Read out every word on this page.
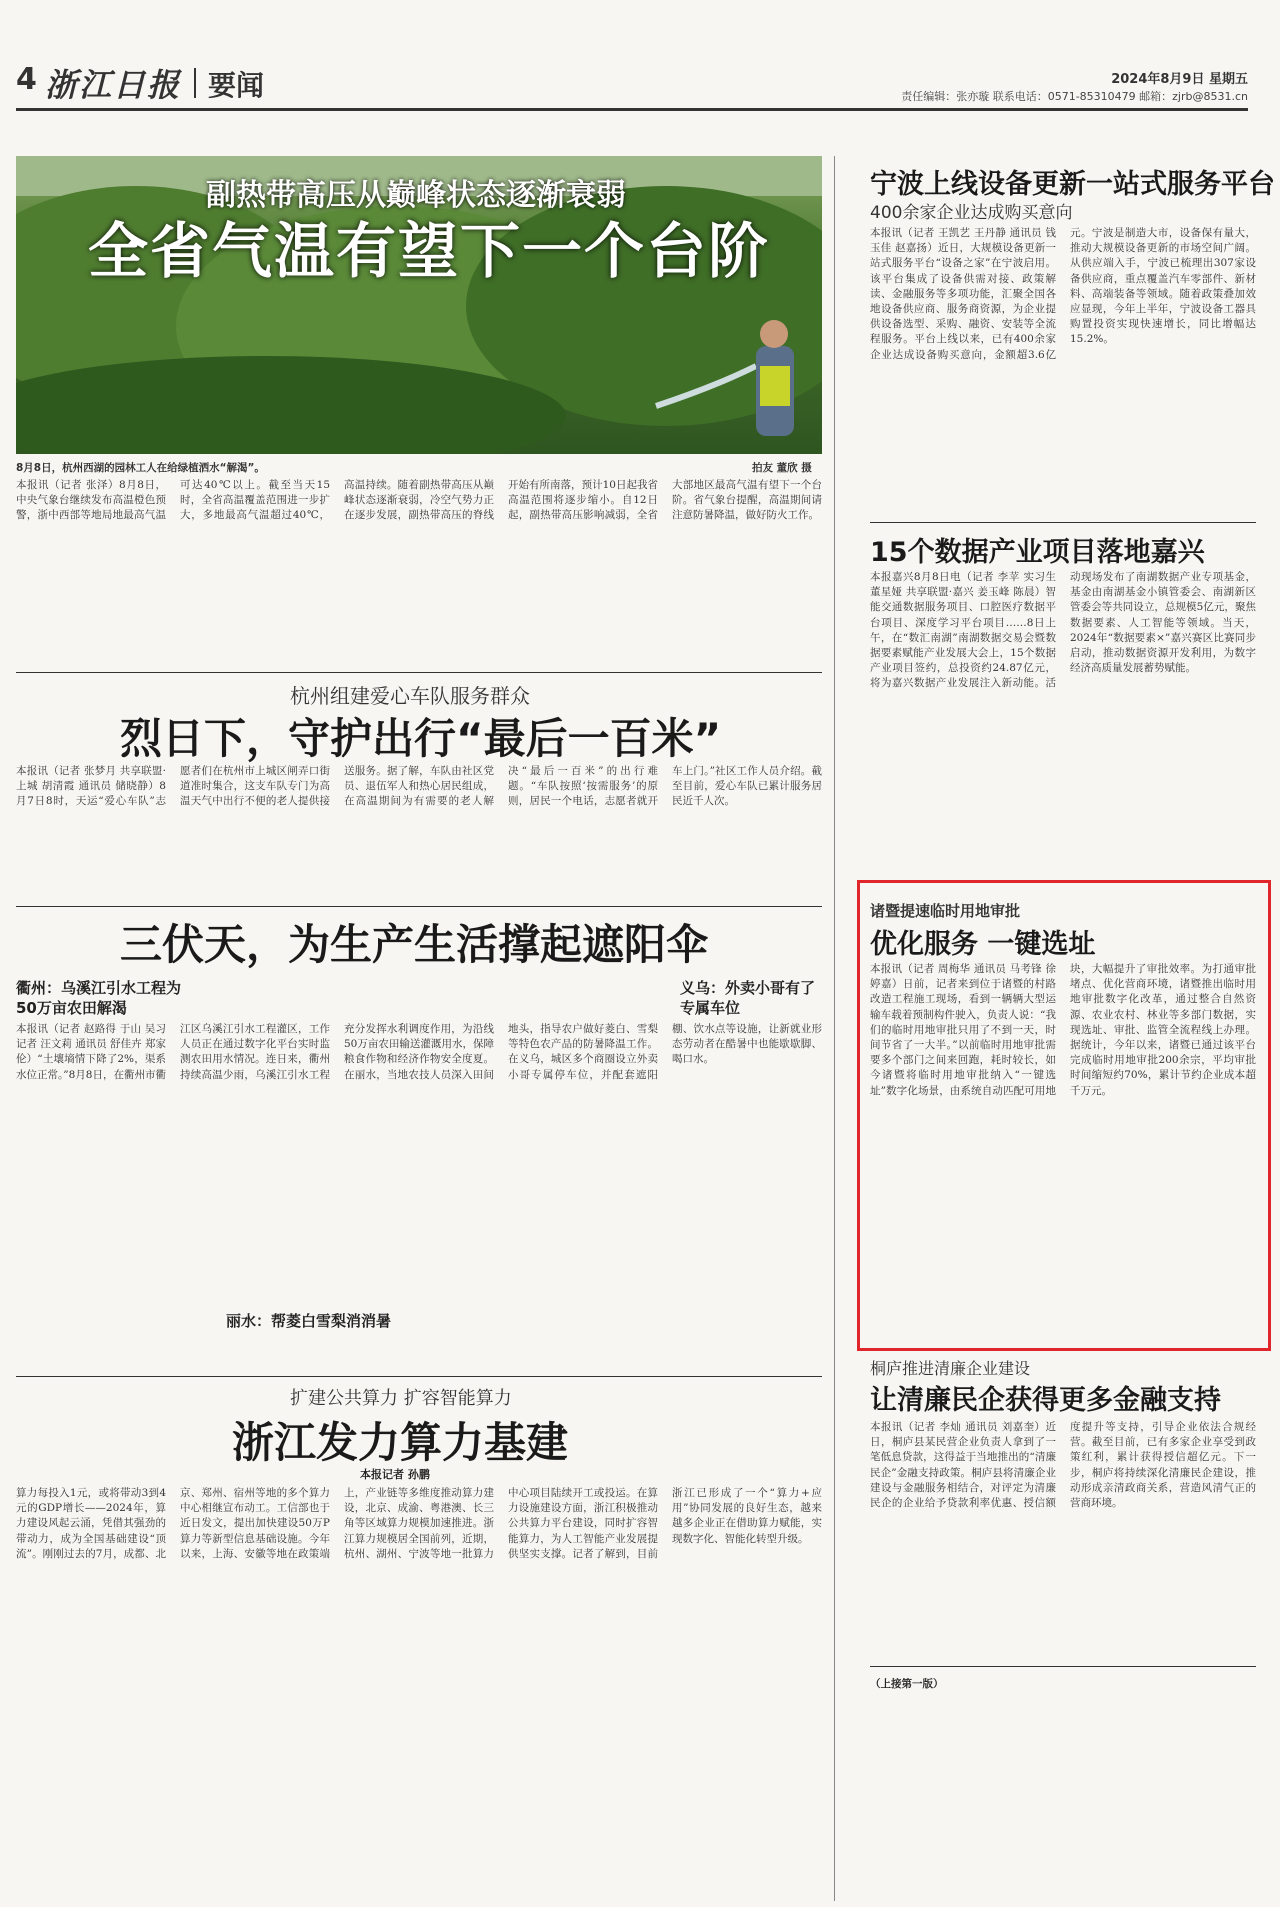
4 浙江日报 要闻	2024年8月9日 星期五
责任编辑：张亦璇 联系电话：0571-85310479 邮箱：zjrb@8531.cn
副热带高压从巅峰状态逐渐衰弱
全省气温有望下一个台阶
8月8日，杭州西湖的园林工人在给绿植洒水“解渴”。	拍友 董欣 摄
本报讯（记者 张泽）8月8日，中央气象台继续发布高温橙色预警，浙中西部等地局地最高气温可达40℃以上。截至当天15时，全省高温覆盖范围进一步扩大，多地最高气温超过40℃，高温持续。随着副热带高压从巅峰状态逐渐衰弱，冷空气势力正在逐步发展，副热带高压的脊线开始有所南落，预计10日起我省高温范围将逐步缩小。自12日起，副热带高压影响减弱，全省大部地区最高气温有望下一个台阶。省气象台提醒，高温期间请注意防暑降温，做好防火工作。
杭州组建爱心车队服务群众
烈日下，守护出行“最后一百米”
本报讯（记者 张梦月 共享联盟·上城 胡清霞 通讯员 储晓静）8月7日8时，天运“爱心车队”志愿者们在杭州市上城区闸弄口街道准时集合，这支车队专门为高温天气中出行不便的老人提供接送服务。据了解，车队由社区党员、退伍军人和热心居民组成，在高温期间为有需要的老人解决“最后一百米”的出行难题。“车队按照‘按需服务’的原则，居民一个电话，志愿者就开车上门。”社区工作人员介绍。截至目前，爱心车队已累计服务居民近千人次。
三伏天，为生产生活撑起遮阳伞
衢州：乌溪江引水工程为50万亩农田解渴
义乌：外卖小哥有了专属车位
本报讯（记者 赵路得 于山 吴习 记者 汪文莉 通讯员 舒佳卉 郑家伦）“土壤墒情下降了2%，渠系水位正常。”8月8日，在衢州市衢江区乌溪江引水工程灌区，工作人员正在通过数字化平台实时监测农田用水情况。连日来，衢州持续高温少雨，乌溪江引水工程充分发挥水利调度作用，为沿线50万亩农田输送灌溉用水，保障粮食作物和经济作物安全度夏。在丽水，当地农技人员深入田间地头，指导农户做好菱白、雪梨等特色农产品的防暑降温工作。在义乌，城区多个商圈设立外卖小哥专属停车位，并配套遮阳棚、饮水点等设施，让新就业形态劳动者在酷暑中也能歇歇脚、喝口水。
丽水：帮菱白雪梨消消暑
扩建公共算力 扩容智能算力
浙江发力算力基建
本报记者 孙鹏
算力每投入1元，或将带动3到4元的GDP增长——2024年，算力建设风起云涌，凭借其强劲的带动力，成为全国基础建设“顶流”。刚刚过去的7月，成都、北京、郑州、宿州等地的多个算力中心相继宣布动工。工信部也于近日发文，提出加快建设50万P算力等新型信息基础设施。今年以来，上海、安徽等地在政策端上，产业链等多维度推动算力建设，北京、成渝、粤港澳、长三角等区域算力规模加速推进。浙江算力规模居全国前列，近期，杭州、湖州、宁波等地一批算力中心项目陆续开工或投运。在算力设施建设方面，浙江积极推动公共算力平台建设，同时扩容智能算力，为人工智能产业发展提供坚实支撑。记者了解到，目前浙江已形成了一个“算力+应用”协同发展的良好生态，越来越多企业正在借助算力赋能，实现数字化、智能化转型升级。
宁波上线设备更新一站式服务平台
400余家企业达成购买意向
本报讯（记者 王凯艺 王丹静 通讯员 钱玉佳 赵嘉扬）近日，大规模设备更新一站式服务平台“设备之家”在宁波启用。该平台集成了设备供需对接、政策解读、金融服务等多项功能，汇聚全国各地设备供应商、服务商资源，为企业提供设备选型、采购、融资、安装等全流程服务。平台上线以来，已有400余家企业达成设备购买意向，金额超3.6亿元。宁波是制造大市，设备保有量大，推动大规模设备更新的市场空间广阔。从供应端入手，宁波已梳理出307家设备供应商，重点覆盖汽车零部件、新材料、高端装备等领域。随着政策叠加效应显现，今年上半年，宁波设备工器具购置投资实现快速增长，同比增幅达15.2%。
15个数据产业项目落地嘉兴
本报嘉兴8月8日电（记者 李苹 实习生 董星娅 共享联盟·嘉兴 姜玉峰 陈晨）智能交通数据服务项目、口腔医疗数据平台项目、深度学习平台项目……8日上午，在“数汇南湖”南湖数据交易会暨数据要素赋能产业发展大会上，15个数据产业项目签约，总投资约24.87亿元，将为嘉兴数据产业发展注入新动能。活动现场发布了南湖数据产业专项基金，基金由南湖基金小镇管委会、南湖新区管委会等共同设立，总规模5亿元，聚焦数据要素、人工智能等领域。当天，2024年“数据要素×”嘉兴赛区比赛同步启动，推动数据资源开发利用，为数字经济高质量发展蓄势赋能。
诸暨提速临时用地审批
优化服务 一键选址
本报讯（记者 周梅华 通讯员 马考锋 徐婷嘉）日前，记者来到位于诸暨的村路改造工程施工现场，看到一辆辆大型运输车载着预制构件驶入，负责人说：“我们的临时用地审批只用了不到一天，时间节省了一大半。”以前临时用地审批需要多个部门之间来回跑，耗时较长，如今诸暨将临时用地审批纳入“一键选址”数字化场景，由系统自动匹配可用地块，大幅提升了审批效率。为打通审批堵点、优化营商环境，诸暨推出临时用地审批数字化改革，通过整合自然资源、农业农村、林业等多部门数据，实现选址、审批、监管全流程线上办理。据统计，今年以来，诸暨已通过该平台完成临时用地审批200余宗，平均审批时间缩短约70%，累计节约企业成本超千万元。
桐庐推进清廉企业建设
让清廉民企获得更多金融支持
本报讯（记者 李灿 通讯员 刘嘉奎）近日，桐庐县某民营企业负责人拿到了一笔低息贷款，这得益于当地推出的“清廉民企”金融支持政策。桐庐县将清廉企业建设与金融服务相结合，对评定为清廉民企的企业给予贷款利率优惠、授信额度提升等支持，引导企业依法合规经营。截至目前，已有多家企业享受到政策红利，累计获得授信超亿元。下一步，桐庐将持续深化清廉民企建设，推动形成亲清政商关系，营造风清气正的营商环境。
（上接第一版）
